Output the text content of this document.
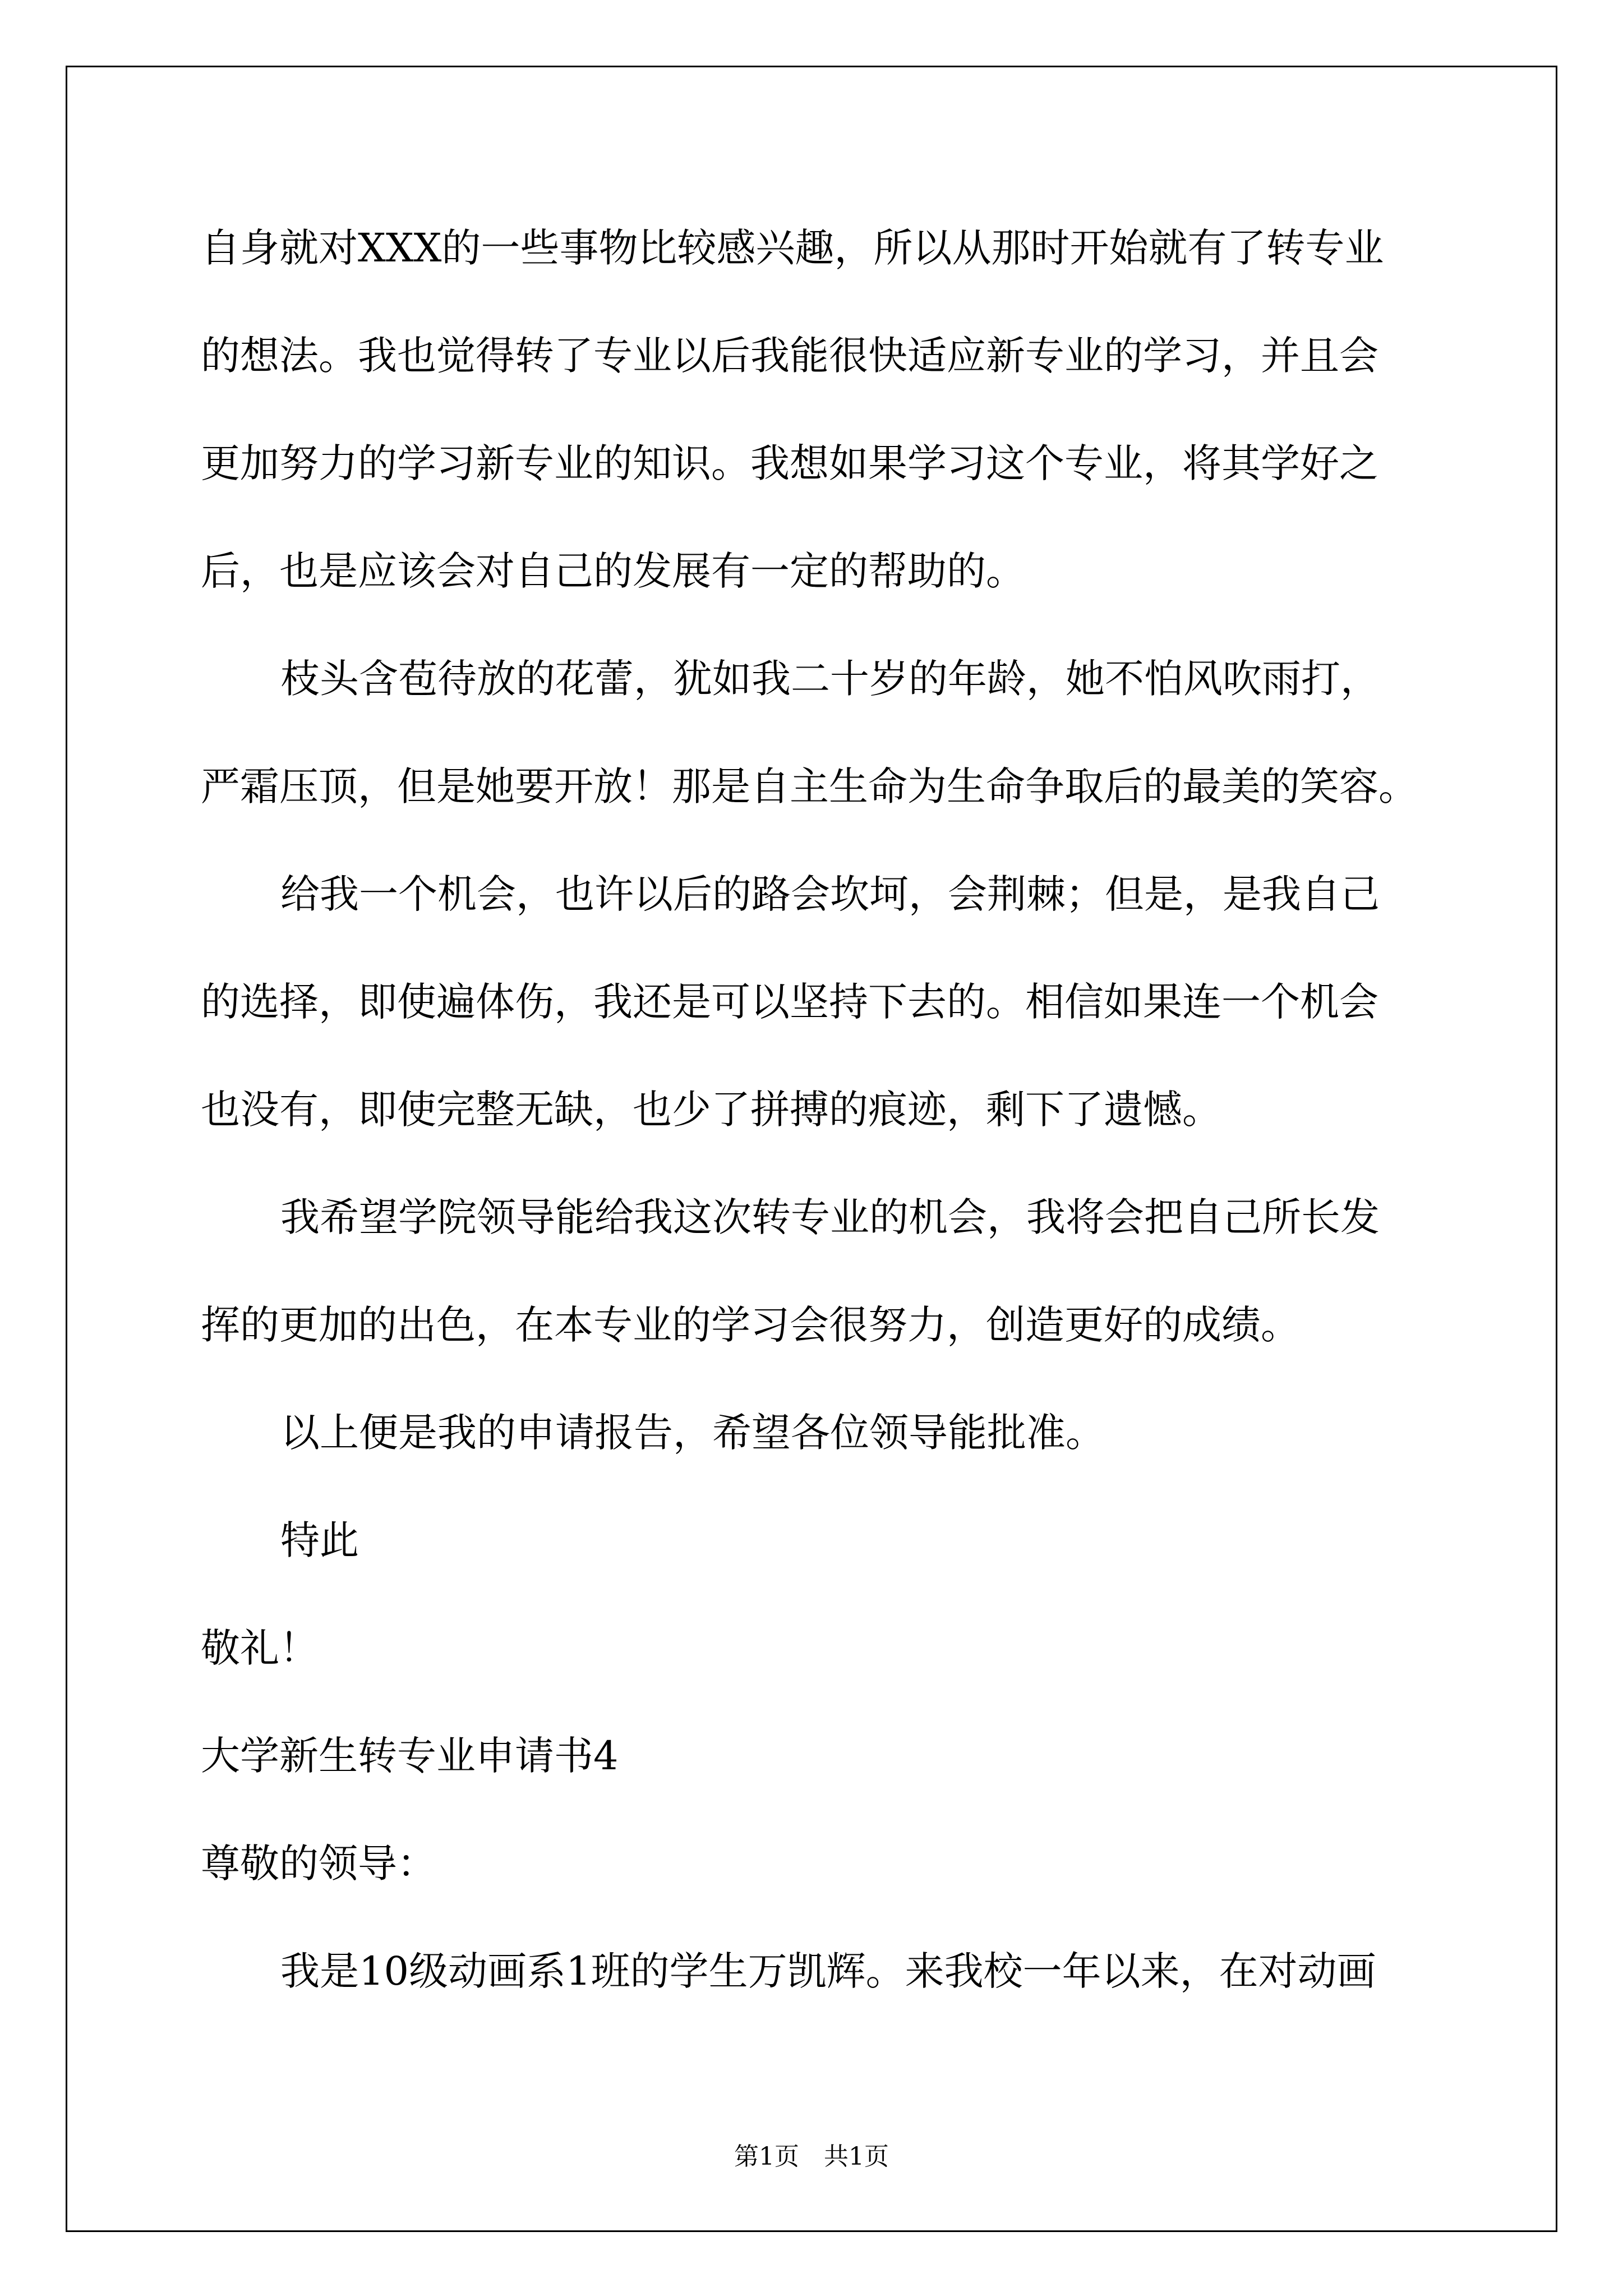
自身就对XXX的一些事物比较感兴趣，所以从那时开始就有了转专业
的想法。我也觉得转了专业以后我能很快适应新专业的学习，并且会
更加努力的学习新专业的知识。我想如果学习这个专业，将其学好之
后，也是应该会对自己的发展有一定的帮助的。
枝头含苞待放的花蕾，犹如我二十岁的年龄，她不怕风吹雨打，
严霜压顶，但是她要开放！那是自主生命为生命争取后的最美的笑容。
给我一个机会，也许以后的路会坎坷，会荆棘；但是，是我自己
的选择，即使遍体伤，我还是可以坚持下去的。相信如果连一个机会
也没有，即使完整无缺，也少了拼搏的痕迹，剩下了遗憾。
我希望学院领导能给我这次转专业的机会，我将会把自己所长发
挥的更加的出色，在本专业的学习会很努力，创造更好的成绩。
以上便是我的申请报告，希望各位领导能批准。
特此
敬礼！
大学新生转专业申请书4
尊敬的领导：
我是10级动画系1班的学生万凯辉。来我校一年以来，在对动画
第1页　共1页
